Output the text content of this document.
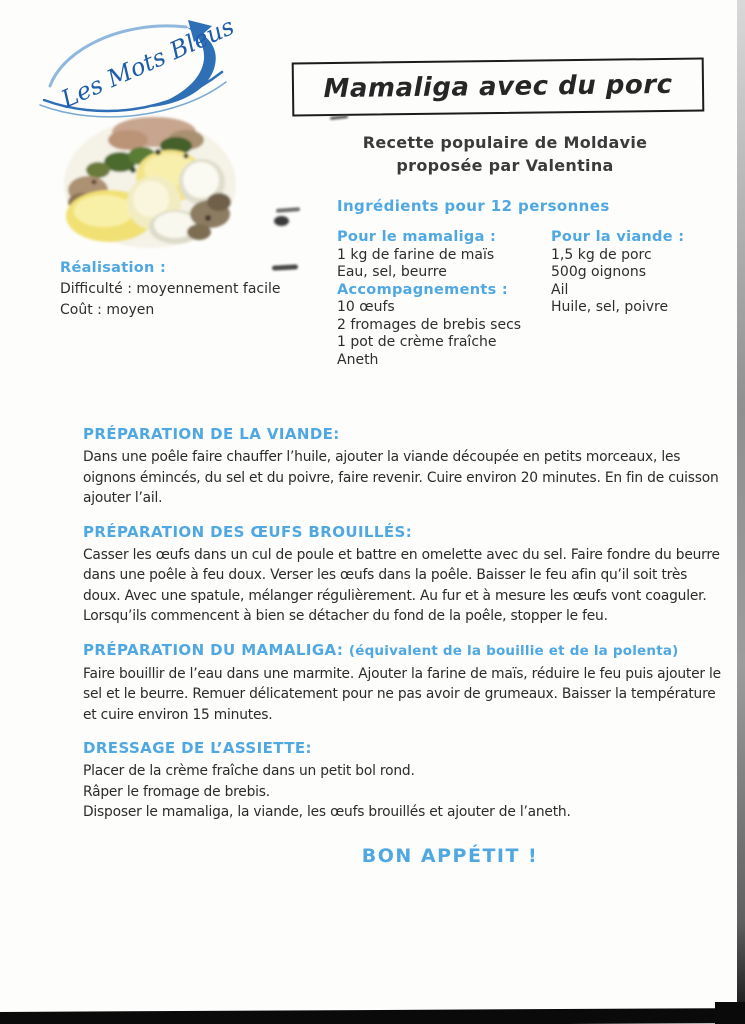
Les Mots Bleus	Mamaliga avec du porc
Recette populaire de Moldavie
proposée par Valentina
Ingrédients pour 12 personnes
Pour le mamaliga :
1 kg de farine de maïs
Eau, sel, beurre
Accompagnements :
10 œufs
2 fromages de brebis secs
1 pot de crème fraîche
Aneth
Pour la viande :
1,5 kg de porc
500g oignons
Ail
Huile, sel, poivre
Réalisation :
Difficulté : moyennement facile
Coût : moyen
PRÉPARATION DE LA VIANDE:
Dans une poêle faire chauffer l’huile, ajouter la viande découpée en petits morceaux, les oignons émincés, du sel et du poivre, faire revenir. Cuire environ 20 minutes. En fin de cuisson ajouter l’ail.
PRÉPARATION DES ŒUFS BROUILLÉS:
Casser les œufs dans un cul de poule et battre en omelette avec du sel. Faire fondre du beurre dans une poêle à feu doux. Verser les œufs dans la poêle. Baisser le feu afin qu’il soit très doux. Avec une spatule, mélanger régulièrement. Au fur et à mesure les œufs vont coaguler. Lorsqu’ils commencent à bien se détacher du fond de la poêle, stopper le feu.
PRÉPARATION DU MAMALIGA: (équivalent de la bouillie et de la polenta)
Faire bouillir de l’eau dans une marmite. Ajouter la farine de maïs, réduire le feu puis ajouter le sel et le beurre. Remuer délicatement pour ne pas avoir de grumeaux. Baisser la température et cuire environ 15 minutes.
DRESSAGE DE L’ASSIETTE:
Placer de la crème fraîche dans un petit bol rond.
Râper le fromage de brebis.
Disposer le mamaliga, la viande, les œufs brouillés et ajouter de l’aneth.
BON APPÉTIT !
